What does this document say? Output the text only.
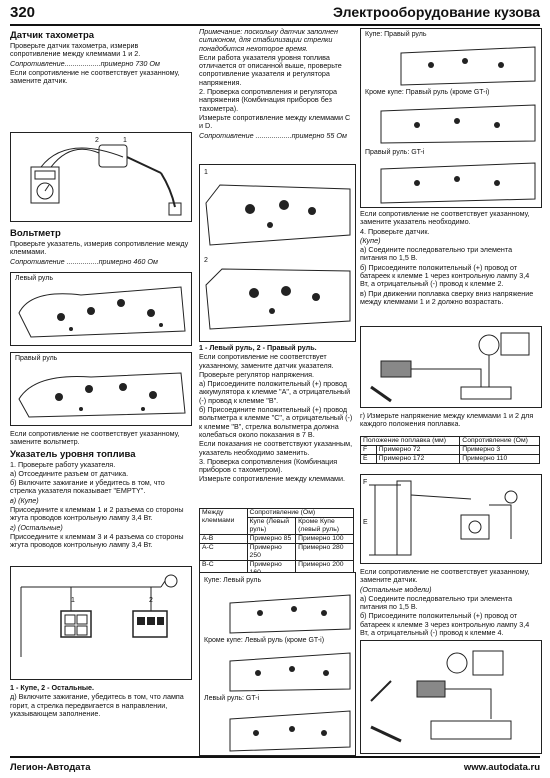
320	Электрооборудование кузова
Датчик тахометра

Проверьте датчик тахометра, измерив сопротивление между клеммами 1 и 2.

Сопротивление..................примерно 730 Ом

Если сопротивление не соответствует указанному, замените датчик.

2	1
Вольтметр

Проверьте указатель, измерив сопротивление между клеммами.

Сопротивление ................примерно 460 Ом

Левый руль
Правый руль

Если сопротивление не соответствует указанному, замените вольтметр.

Указатель уровня топлива

1. Проверьте работу указателя.

а) Отсоедините разъем от датчика.

б) Включите зажигание и убедитесь в том, что стрелка указателя показывает "EMPTY".

в) (Купе)

Присоедините к клеммам 1 и 2 разъема со стороны жгута проводов контрольную лампу 3,4 Вт.

г) (Остальные)

Присоедините к клеммам 3 и 4 разъема со стороны жгута проводов контрольную лампу 3,4 Вт.

1	2

1 - Купе, 2 - Остальные.

д) Включите зажигание, убедитесь в том, что лампа горит, а стрелка передвигается в направлении, указывающем заполнение.

Примечание: поскольку датчик заполнен силиконом, для стабилизации стрелки понадобится некоторое время.

Если работа указателя уровня топлива отличается от описанной выше, проверьте сопротивление указателя и регулятора напряжения.

2. Проверка сопротивления и регулятора напряжения (Комбинация приборов без тахометра).

Измерьте сопротивление между клеммами C и D.

Сопротивление ..................примерно 55 Ом

1
2

1 - Левый руль, 2 - Правый руль.

Если сопротивление не соответствует указанному, замените датчик указателя.

Проверьте регулятор напряжения.

а) Присоедините положительный (+) провод аккумулятора к клемме "A", а отрицательный (-) провод к клемме "B".

б) Присоедините положительный (+) провод вольтметра к клемме "C", а отрицательный (-) к клемме "B", стрелка вольтметра должна колебаться около показания в 7 В.

Если показания не соответствуют указанным, указатель необходимо заменить.

3. Проверка сопротивления (Комбинация приборов с тахометром).

Измерьте сопротивление между клеммами.

Между клеммами	Сопротивление (Ом)	
	Купе (Левый руль)	Кроме Купе (левый руль)
A-B	Примерно 85	Примерно 100
A-C	Примерно 250	Примерно 280
B-C	Примерно	Примерно 200
Купе: Левый руль
Кроме купе: Левый руль (кроме GT-i)
Левый руль: GT-i
Купе: Правый руль
Кроме купе: Правый руль (кроме GT-i)
Правый руль: GT-i

Если сопротивление не соответствует указанному, замените указатель необходимо.

4. Проверьте датчик.

(Купе)

а) Соедините последовательно три элемента питания по 1,5 В.

б) Присоедините положительный (+) провод от батареек к клемме 1 через контрольную лампу 3,4 Вт, а отрицательный (-) провод к клемме 2.

в) При движении поплавка сверху вниз напряжение между клеммами 1 и 2 должно возрастать.

г) Измерьте напряжение между клеммами 1 и 2 для каждого положения поплавка.

Положение поплавка (мм)		Сопротивление (Ом)
F	Примерно 72	Примерно 3
E	Примерно 172	Примерно 110
F
E

Если сопротивление не соответствует указанному, замените датчик.

(Остальные модели)

а) Соедините последовательно три элемента питания по 1,5 В.

б) Присоедините положительный (+) провод от батареек к клемме 3 через контрольную лампу 3,4 Вт, а отрицательный (-) провод к клемме 4.

Легион-Автодата	www.autodata.ru
